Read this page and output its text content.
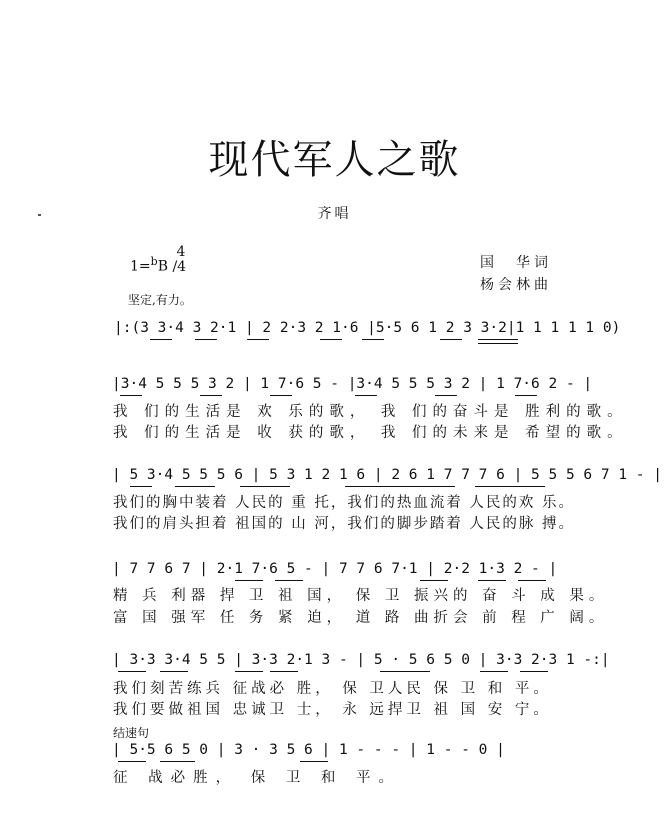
现代军人之歌
齐唱
1=$^b$B
4
/4
坚定,有力。
国　华词
杨会林曲
|:(3 3·4 3 2·1 | 2 2·3 2 1·6 |5·5 6 1 2 3 3·2|1 1 1 1 1 0)
|3·4 5 5 5 3 2 | 1 7·6 5 - |3·4 5 5 5 3 2 | 1 7·6 2 - |
我 们的生活是 欢 乐的歌， 我 们的奋斗是 胜利的歌。
我 们的生活是 收 获的歌， 我 们的未来是 希望的歌。
| 5 3·4 5 5 5 6 | 5 3 1 2 1 6 | 2 6 1 7 7 7 6 | 5 5 5 6 7 1 - |
我们的胸中装着 人民的 重 托，我们的热血流着 人民的欢 乐。
我们的肩头担着 祖国的 山 河，我们的脚步踏着 人民的脉 搏。
| 7 7 6 7 | 2·1 7·6 5 - | 7 7 6 7·1 | 2·2 1·3 2 - |
精 兵 利器 捍 卫 祖 国， 保 卫 振兴的 奋 斗 成 果。
富 国 强军 任 务 紧 迫， 道 路 曲折会 前 程 广 阔。
| 3·3 3·4 5 5 | 3·3 2·1 3 - | 5 · 5 6 5 0 | 3·3 2·3 1 -:|
我们刻苦练兵 征战必 胜， 保 卫人民 保 卫 和 平。
我们要做祖国 忠诚卫 士， 永 远捍卫 祖 国 安 宁。
结速句
| 5·5 6 5 0 | 3 · 3 5 6 | 1 - - - | 1 - - 0 |
征 战必胜， 保 卫 和 平。
